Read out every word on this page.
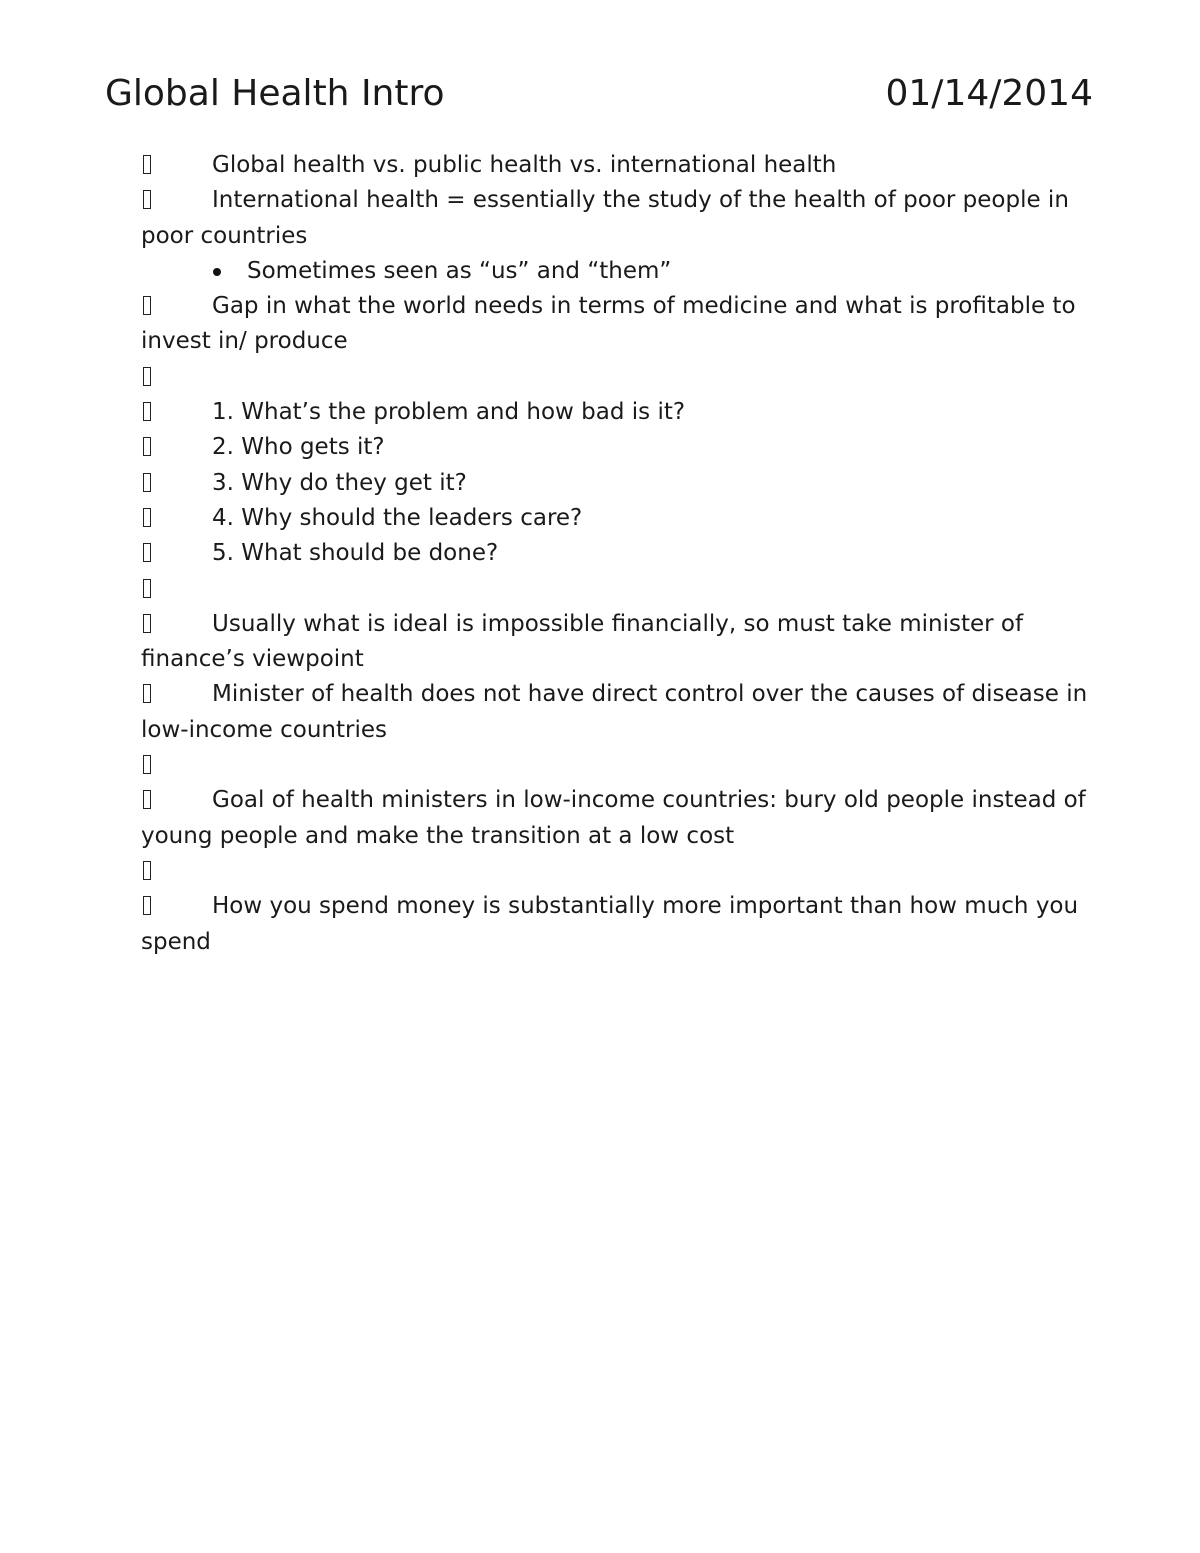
Global Health Intro	01/14/2014
Global health vs. public health vs. international health
International health = essentially the study of the health of poor people in poor countries
Sometimes seen as “us” and “them”
Gap in what the world needs in terms of medicine and what is profitable to invest in/ produce
1. What’s the problem and how bad is it?
2. Who gets it?
3. Why do they get it?
4. Why should the leaders care?
5. What should be done?
Usually what is ideal is impossible financially, so must take minister of finance’s viewpoint
Minister of health does not have direct control over the causes of disease in low-income countries
Goal of health ministers in low-income countries: bury old people instead of young people and make the transition at a low cost
How you spend money is substantially more important than how much you spend
